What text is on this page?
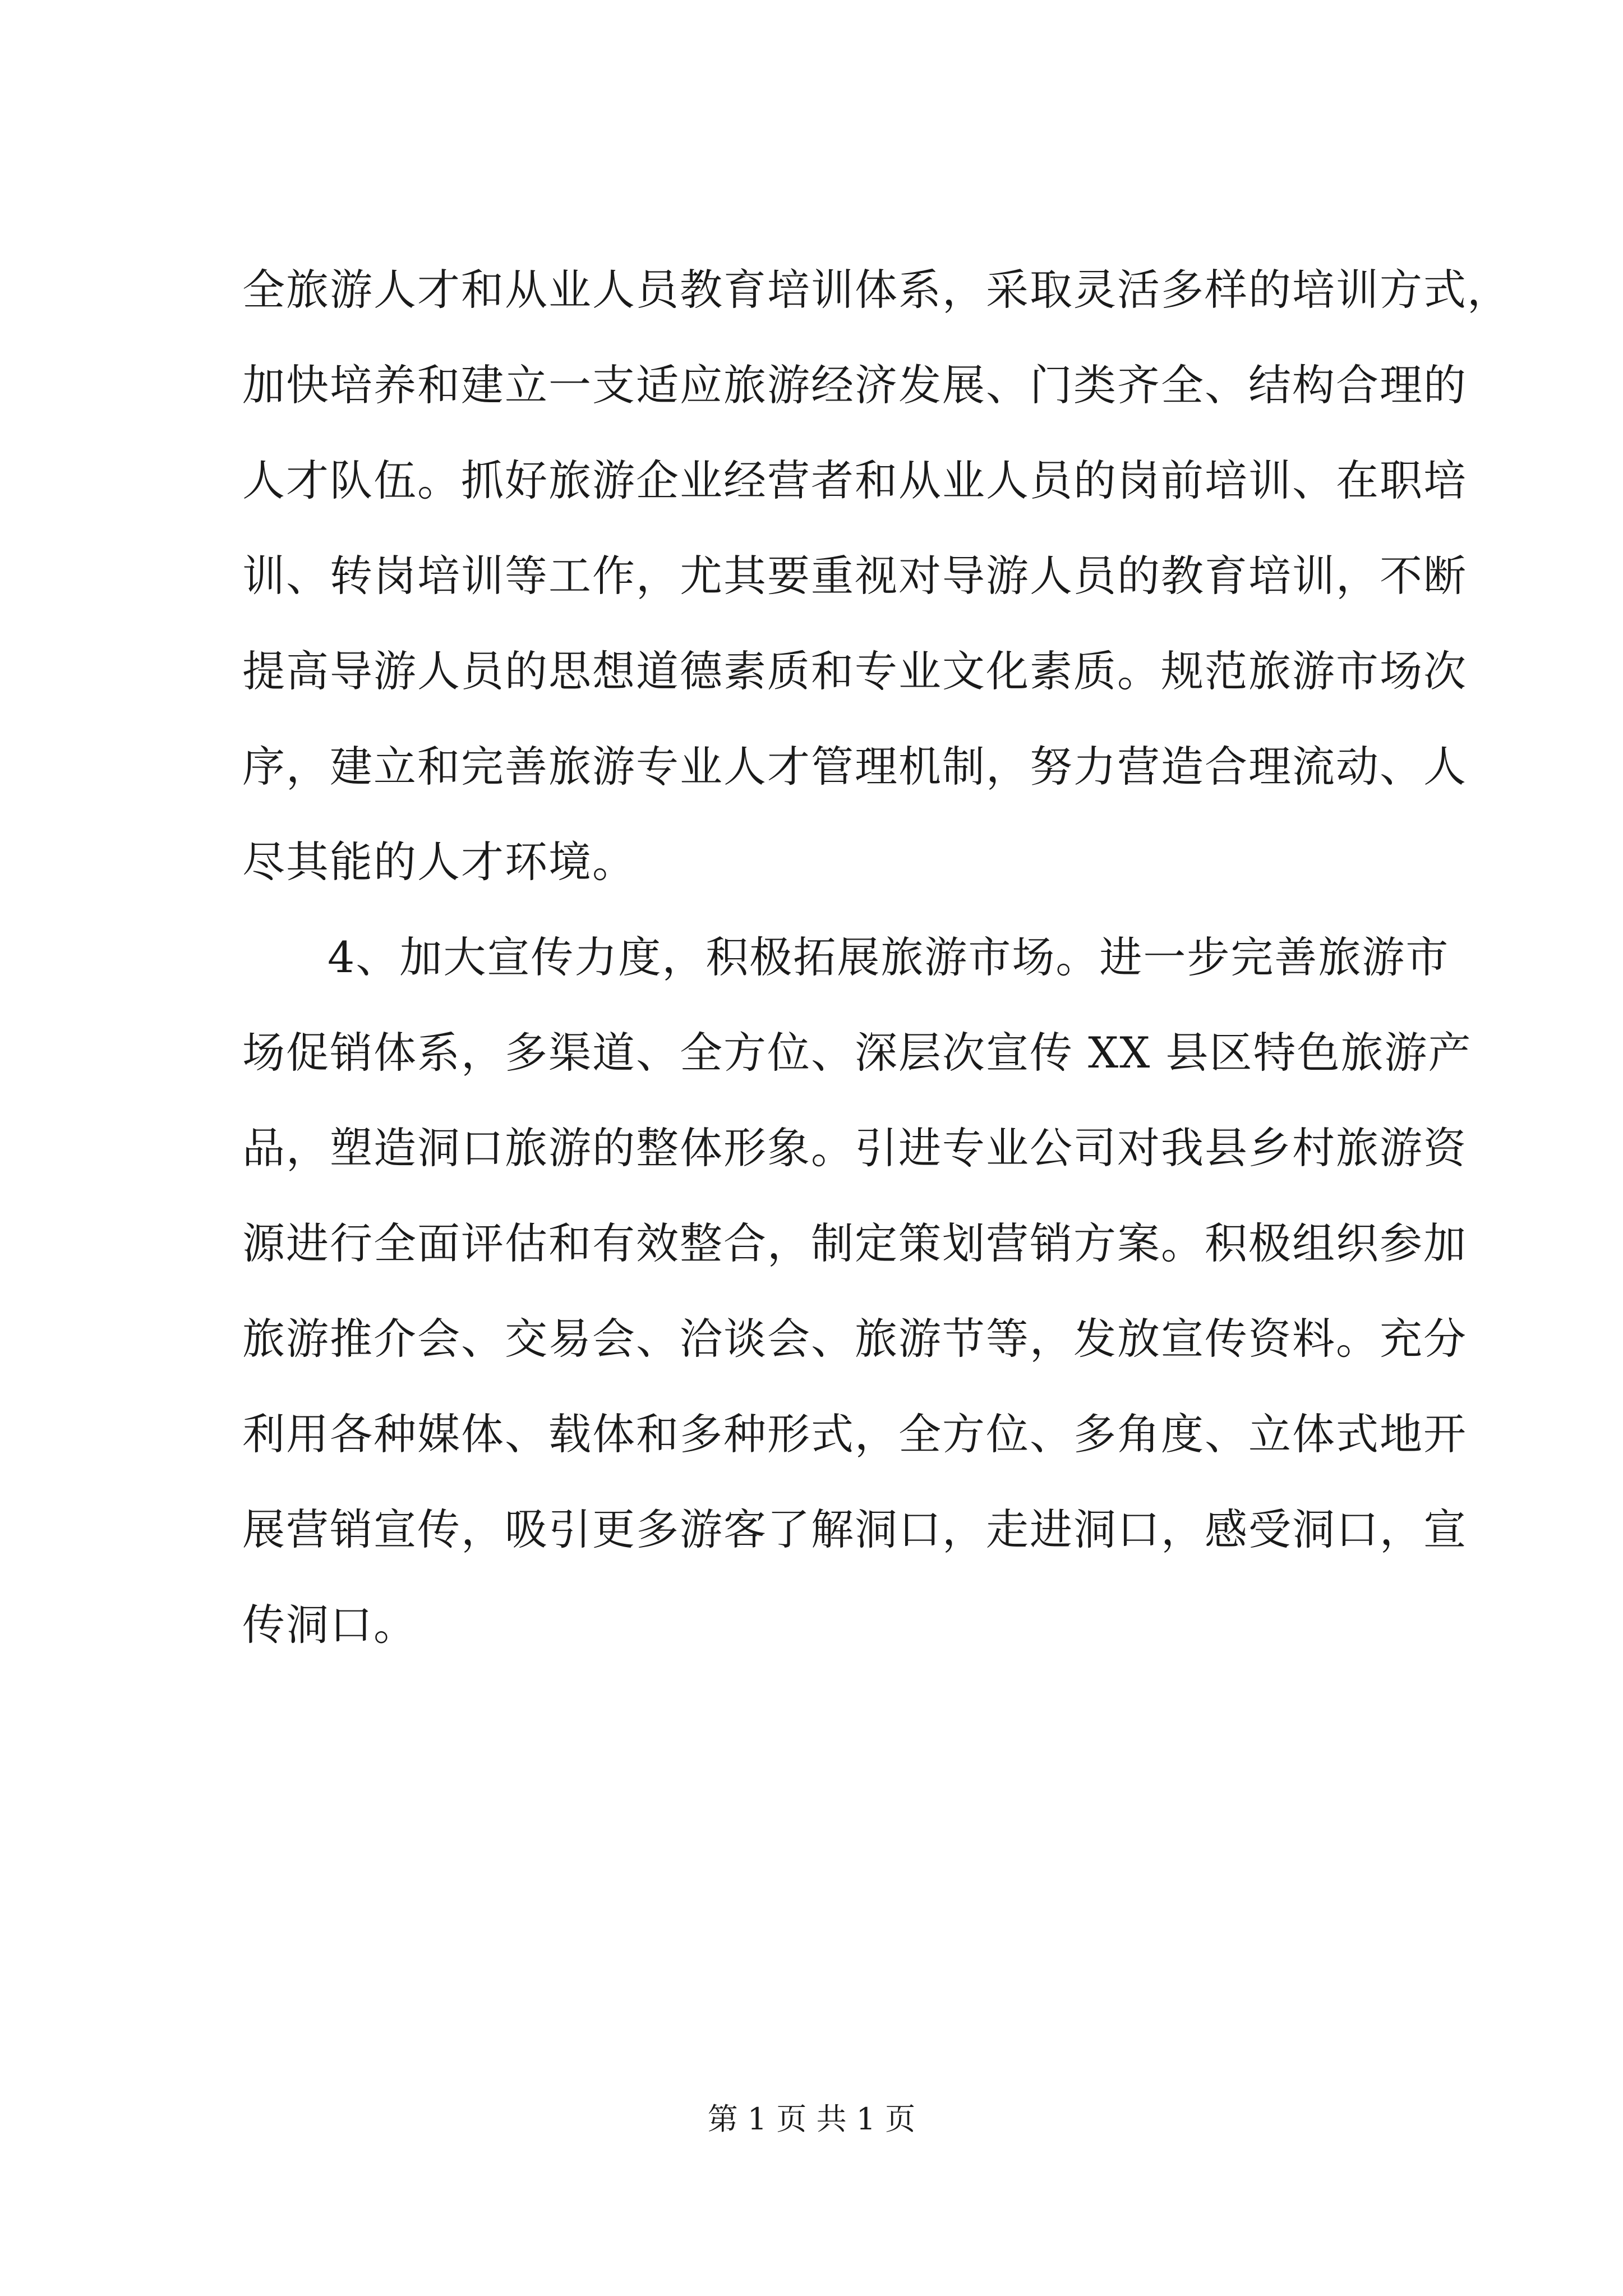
全旅游人才和从业人员教育培训体系，采取灵活多样的培训方式，
加快培养和建立一支适应旅游经济发展、门类齐全、结构合理的
人才队伍。抓好旅游企业经营者和从业人员的岗前培训、在职培
训、转岗培训等工作，尤其要重视对导游人员的教育培训，不断
提高导游人员的思想道德素质和专业文化素质。规范旅游市场次
序，建立和完善旅游专业人才管理机制，努力营造合理流动、人
尽其能的人才环境。
4、加大宣传力度，积极拓展旅游市场。进一步完善旅游市
场促销体系，多渠道、全方位、深层次宣传 XX 县区特色旅游产
品，塑造洞口旅游的整体形象。引进专业公司对我县乡村旅游资
源进行全面评估和有效整合，制定策划营销方案。积极组织参加
旅游推介会、交易会、洽谈会、旅游节等，发放宣传资料。充分
利用各种媒体、载体和多种形式，全方位、多角度、立体式地开
展营销宣传，吸引更多游客了解洞口，走进洞口，感受洞口，宣
传洞口。
第 1 页 共 1 页
